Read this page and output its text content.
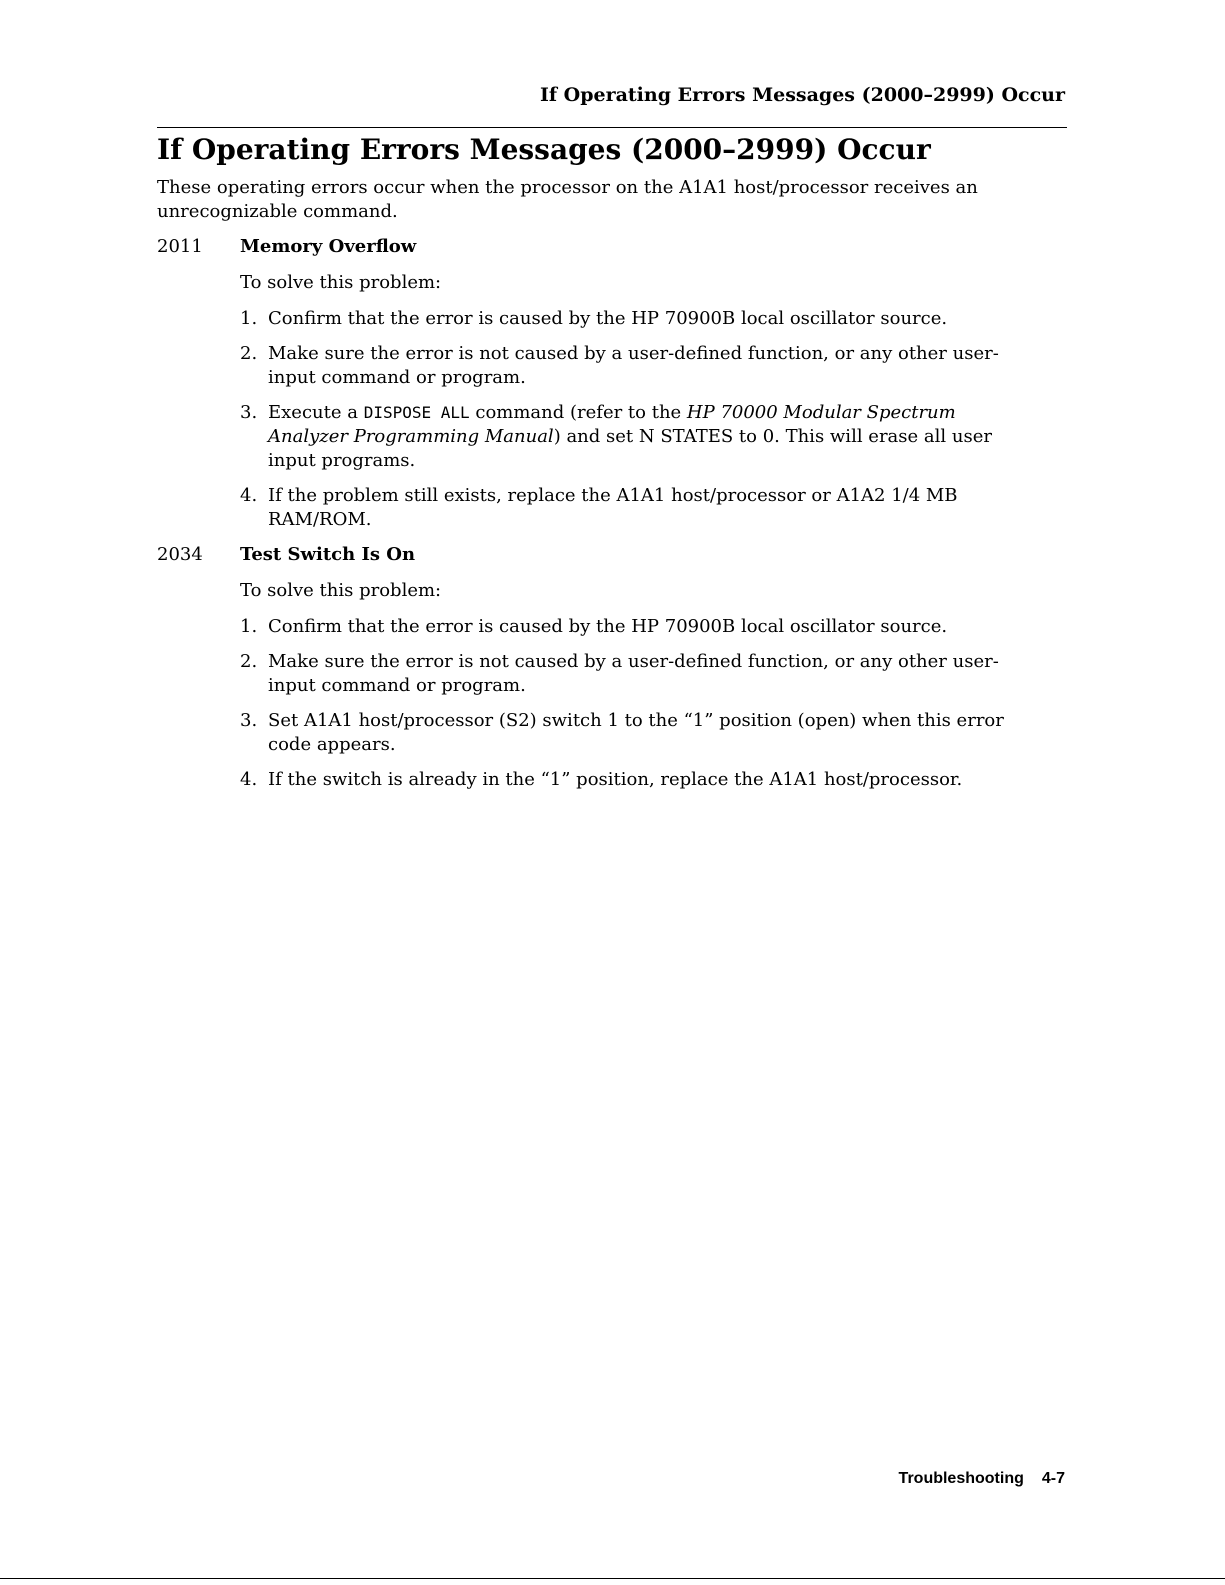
If Operating Errors Messages (2000–2999) Occur
If Operating Errors Messages (2000–2999) Occur

These operating errors occur when the processor on the A1A1 host/processor receives an unrecognizable command.

2011 Memory Overflow
To solve this problem:
1. Confirm that the error is caused by the HP 70900B local oscillator source.
2. Make sure the error is not caused by a user-defined function, or any other user-input command or program.
3. Execute a DISPOSE ALL command (refer to the HP 70000 Modular Spectrum Analyzer Programming Manual) and set N STATES to 0. This will erase all user input programs.
4. If the problem still exists, replace the A1A1 host/processor or A1A2 1/4 MB RAM/ROM.
2034 Test Switch Is On
To solve this problem:
1. Confirm that the error is caused by the HP 70900B local oscillator source.
2. Make sure the error is not caused by a user-defined function, or any other user-input command or program.
3. Set A1A1 host/processor (S2) switch 1 to the “1” position (open) when this error code appears.
4. If the switch is already in the “1” position, replace the A1A1 host/processor.
Troubleshooting 4-7
